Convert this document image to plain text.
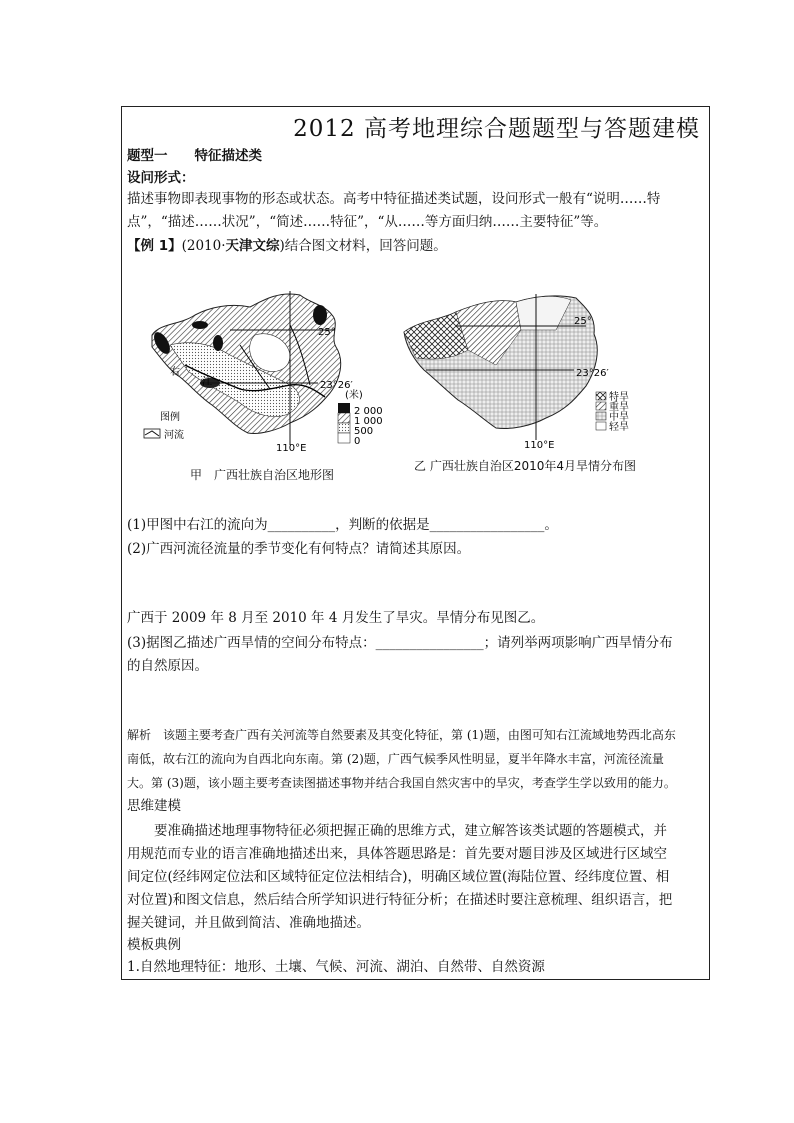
2012 高考地理综合题题型与答题建模
题型一　　特征描述类
设问形式：
描述事物即表现事物的形态或状态。高考中特征描述类试题，设问形式一般有“说明……特点”，“描述……状况”，“简述……特征”，“从……等方面归纳……主要特征”等。
【例 1】(2010·天津文综)结合图文材料，回答问题。
25°
23°26′
110°E
右
江
图例
河流
(米)
2 000
1 000
500
0
甲　广西壮族自治区地形图
25°
23°26′
110°E
特旱
重旱
中旱
轻旱
乙 广西壮族自治区2010年4月旱情分布图
(1)甲图中右江的流向为__________，判断的依据是_________________。
(2)广西河流径流量的季节变化有何特点？请简述其原因。
广西于 2009 年 8 月至 2010 年 4 月发生了旱灾。旱情分布见图乙。
(3)据图乙描述广西旱情的空间分布特点：________________；请列举两项影响广西旱情分布的自然原因。
解析　该题主要考查广西有关河流等自然要素及其变化特征，第 (1)题，由图可知右江流域地势西北高东南低，故右江的流向为自西北向东南。第 (2)题，广西气候季风性明显，夏半年降水丰富，河流径流量大。第 (3)题，该小题主要考查读图描述事物并结合我国自然灾害中的旱灾，考查学生学以致用的能力。
思维建模
要准确描述地理事物特征必须把握正确的思维方式，建立解答该类试题的答题模式，并用规范而专业的语言准确地描述出来，具体答题思路是：首先要对题目涉及区域进行区域空间定位(经纬网定位法和区域特征定位法相结合)，明确区域位置(海陆位置、经纬度位置、相对位置)和图文信息，然后结合所学知识进行特征分析；在描述时要注意梳理、组织语言，把握关键词，并且做到简洁、准确地描述。
模板典例
1.自然地理特征：地形、土壤、气候、河流、湖泊、自然带、自然资源
